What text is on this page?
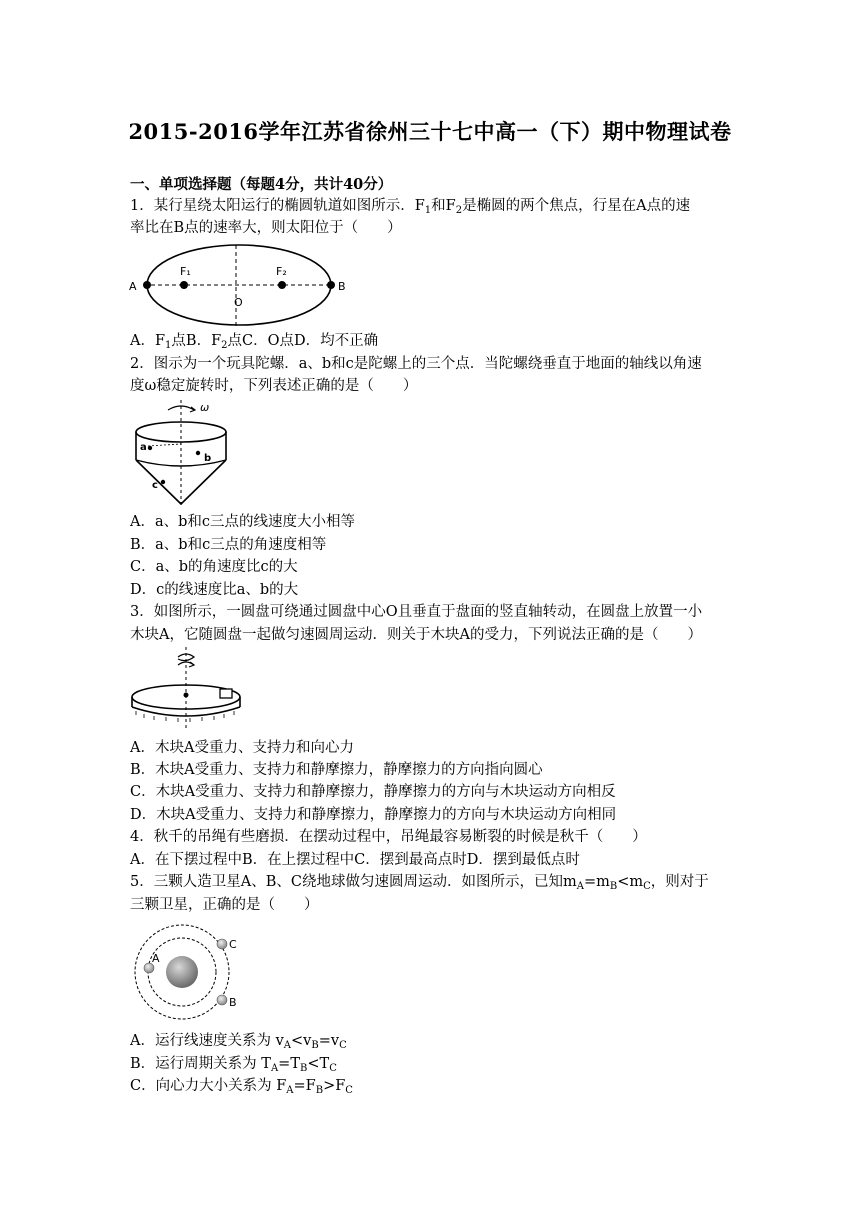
2015-2016学年江苏省徐州三十七中高一（下）期中物理试卷
一、单项选择题（每题4分，共计40分）
1．某行星绕太阳运行的椭圆轨道如图所示．$F_1$和$F_2$是椭圆的两个焦点，行星在A点的速
率比在B点的速率大，则太阳位于（　　）
A	B
F₁	F₂
O
A．$F_1$点B．$F_2$点C．O点D．均不正确
2．图示为一个玩具陀螺．a、b和c是陀螺上的三个点．当陀螺绕垂直于地面的轴线以角速
度ω稳定旋转时，下列表述正确的是（　　）
ω
a
b
c
A．a、b和c三点的线速度大小相等
B．a、b和c三点的角速度相等
C．a、b的角速度比c的大
D．c的线速度比a、b的大
3．如图所示，一圆盘可绕通过圆盘中心O且垂直于盘面的竖直轴转动，在圆盘上放置一小
木块A，它随圆盘一起做匀速圆周运动．则关于木块A的受力，下列说法正确的是（　　）
A．木块A受重力、支持力和向心力
B．木块A受重力、支持力和静摩擦力，静摩擦力的方向指向圆心
C．木块A受重力、支持力和静摩擦力，静摩擦力的方向与木块运动方向相反
D．木块A受重力、支持力和静摩擦力，静摩擦力的方向与木块运动方向相同
4．秋千的吊绳有些磨损．在摆动过程中，吊绳最容易断裂的时候是秋千（　　）
A．在下摆过程中B．在上摆过程中C．摆到最高点时D．摆到最低点时
5．三颗人造卫星A、B、C绕地球做匀速圆周运动．如图所示，已知$m_A=m_B<m_C$，则对于
三颗卫星，正确的是（　　）
A
C
B
A．运行线速度关系为 $v_A<v_B=v_C$
B．运行周期关系为 $T_A=T_B<T_C$
C．向心力大小关系为 $F_A=F_B>F_C$
